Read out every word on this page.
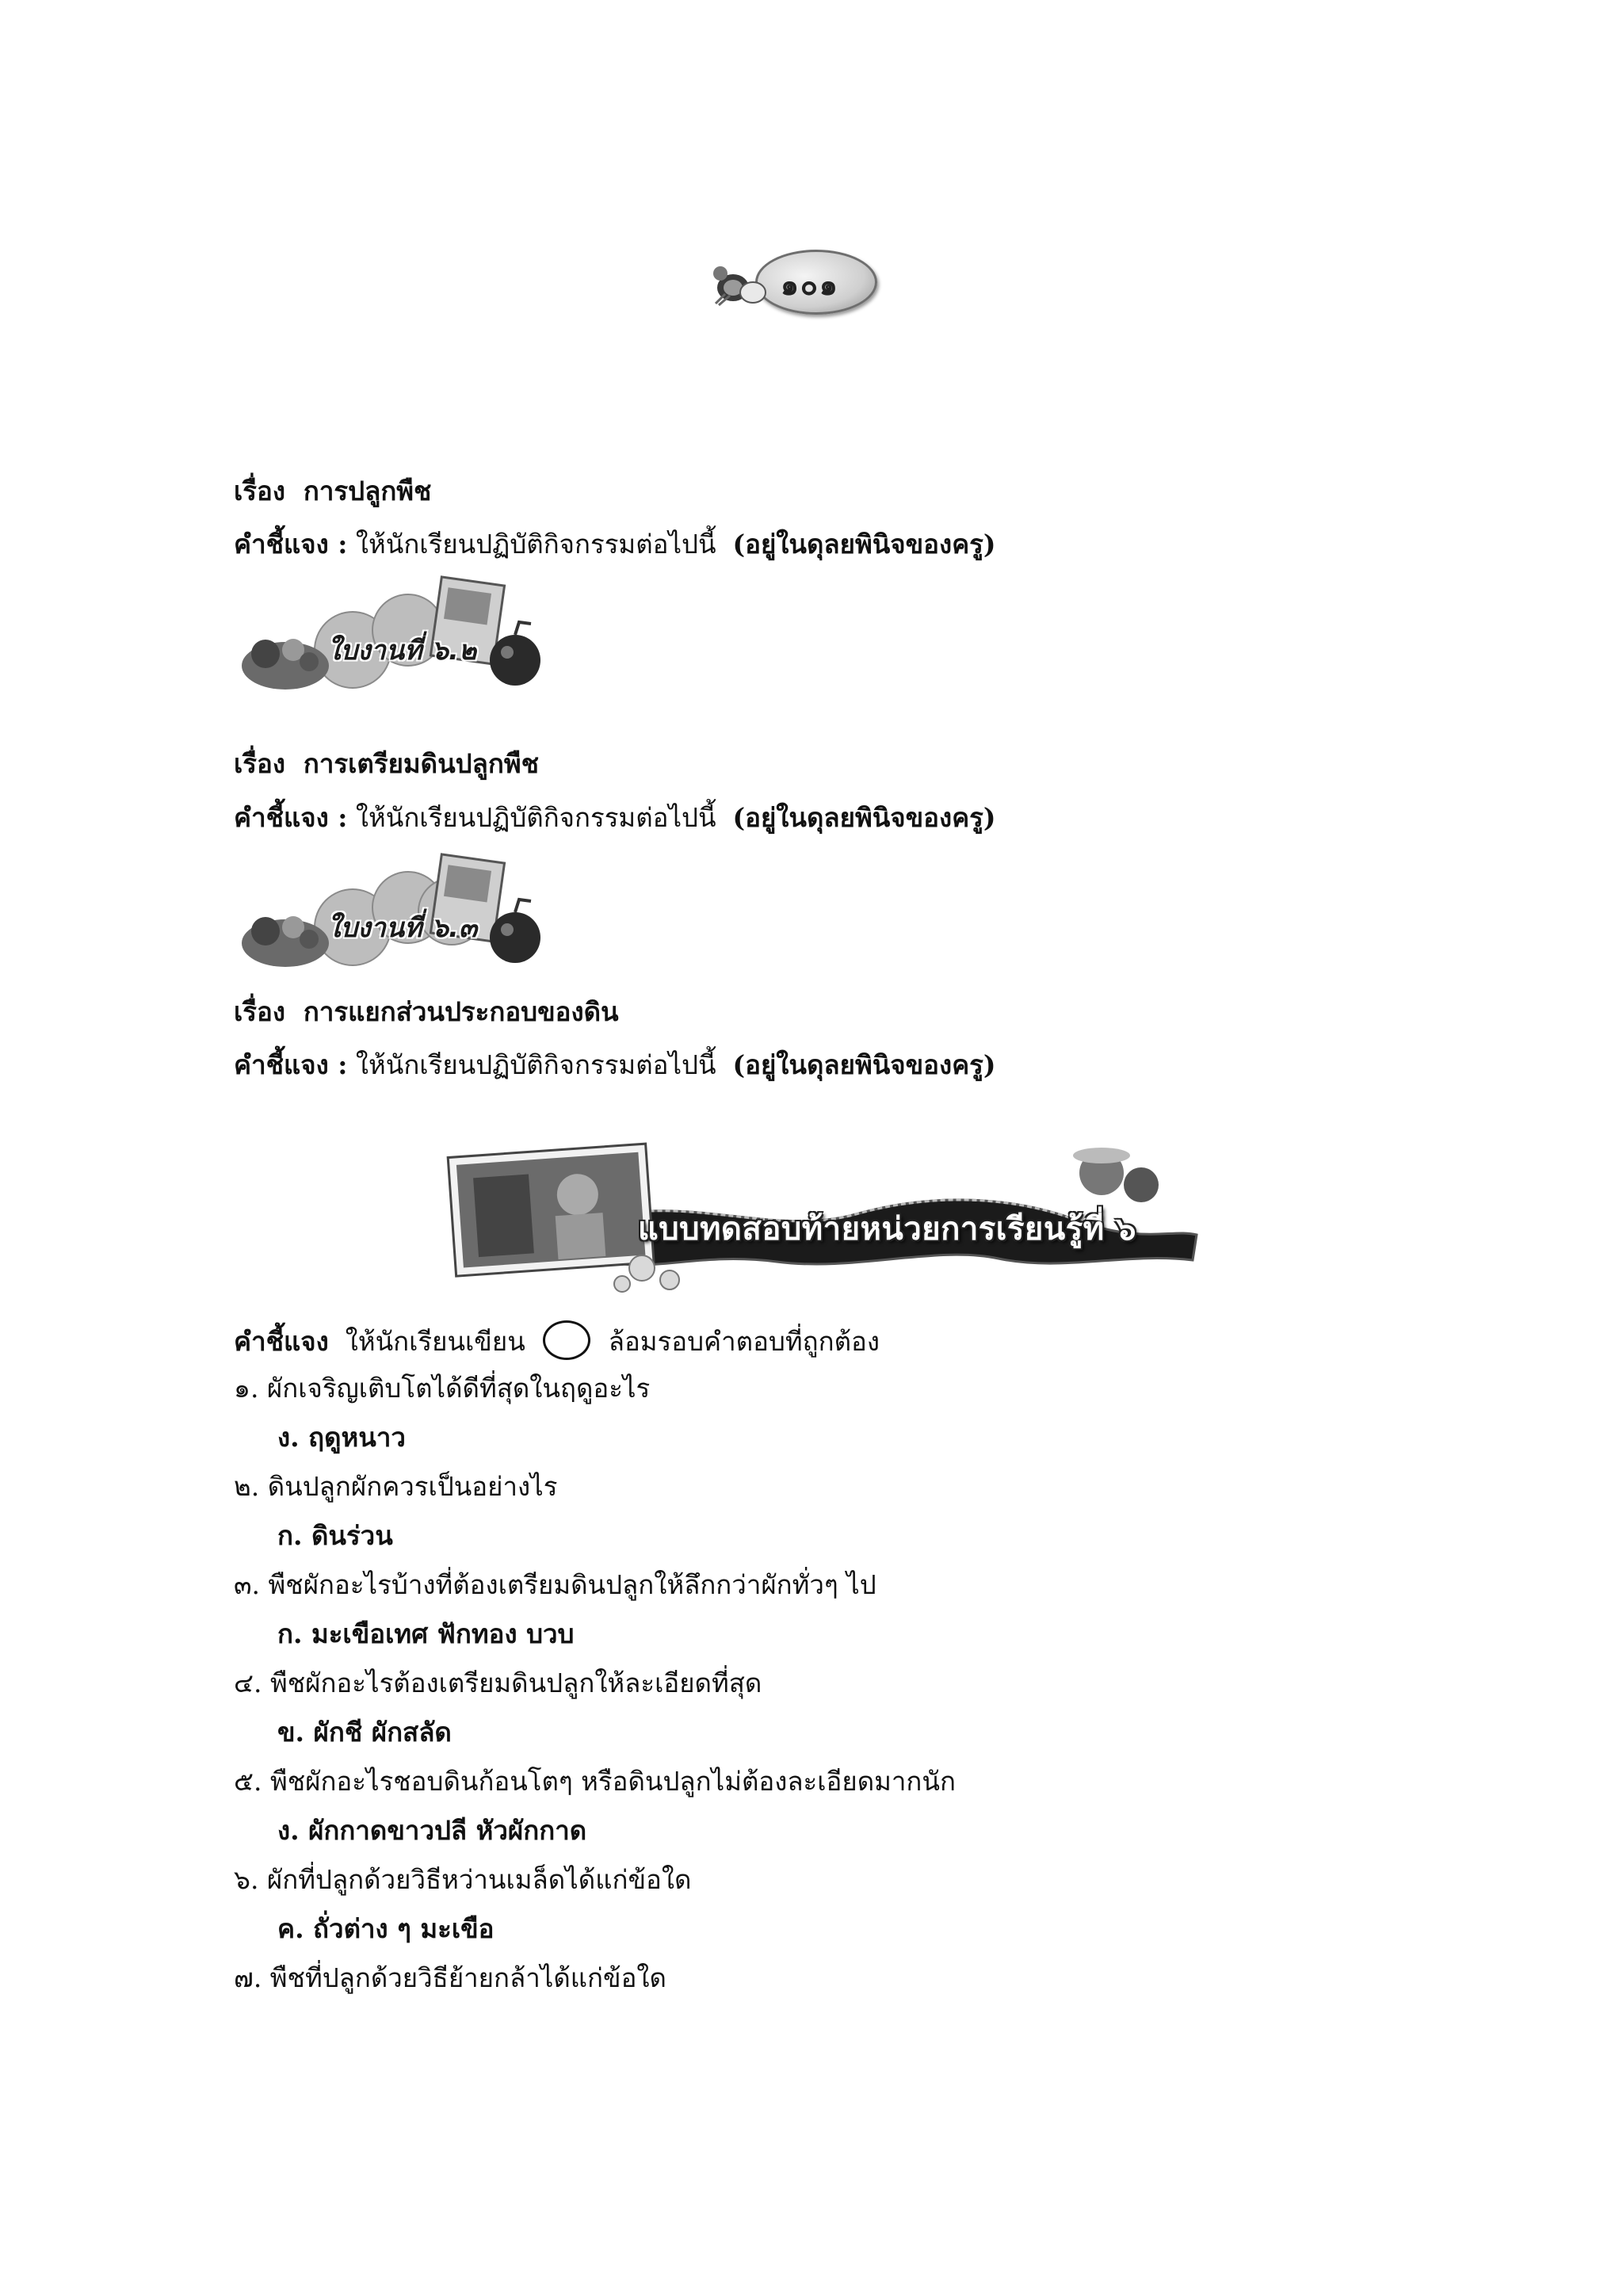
๑๐๑
เรื่อง การปลูกพืช
คำชี้แจง : ให้นักเรียนปฏิบัติกิจกรรมต่อไปนี้ (อยู่ในดุลยพินิจของครู)
ใบงานที่ ๖.๒
เรื่อง การเตรียมดินปลูกพืช
คำชี้แจง : ให้นักเรียนปฏิบัติกิจกรรมต่อไปนี้ (อยู่ในดุลยพินิจของครู)
ใบงานที่ ๖.๓
เรื่อง การแยกส่วนประกอบของดิน
คำชี้แจง : ให้นักเรียนปฏิบัติกิจกรรมต่อไปนี้ (อยู่ในดุลยพินิจของครู)
แบบทดสอบท้ายหน่วยการเรียนรู้ที่ ๖
คำชี้แจง ให้นักเรียนเขียน	ล้อมรอบคำตอบที่ถูกต้อง
๑. ผักเจริญเติบโตได้ดีที่สุดในฤดูอะไร
ง. ฤดูหนาว
๒. ดินปลูกผักควรเป็นอย่างไร
ก. ดินร่วน
๓. พืชผักอะไรบ้างที่ต้องเตรียมดินปลูกให้ลึกกว่าผักทั่วๆ ไป
ก. มะเขือเทศ ฟักทอง บวบ
๔. พืชผักอะไรต้องเตรียมดินปลูกให้ละเอียดที่สุด
ข. ผักชี ผักสลัด
๕. พืชผักอะไรชอบดินก้อนโตๆ หรือดินปลูกไม่ต้องละเอียดมากนัก
ง. ผักกาดขาวปลี หัวผักกาด
๖. ผักที่ปลูกด้วยวิธีหว่านเมล็ดได้แก่ข้อใด
ค. ถั่วต่าง ๆ มะเขือ
๗. พืชที่ปลูกด้วยวิธีย้ายกล้าได้แก่ข้อใด
